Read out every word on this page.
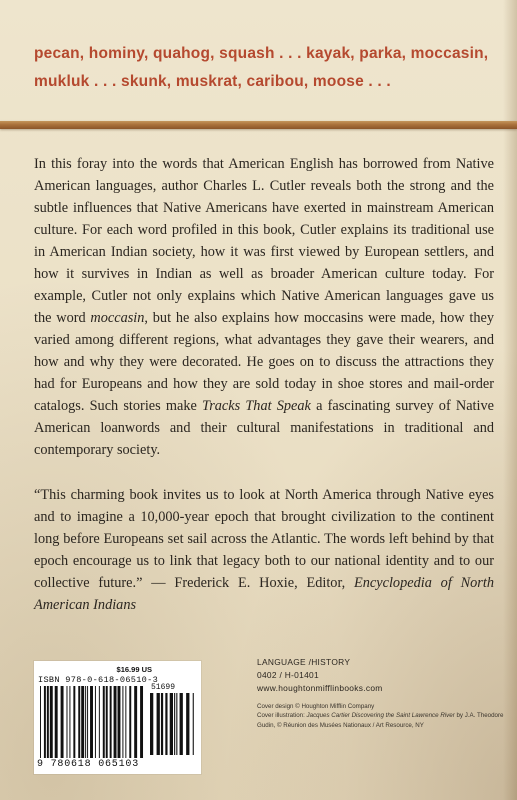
pecan, hominy, quahog, squash . . . kayak, parka, moccasin,
mukluk . . . skunk, muskrat, caribou, moose . . .

In this foray into the words that American English has borrowed from Native American languages, author Charles L. Cutler reveals both the strong and the subtle influences that Native Americans have exerted in mainstream American culture. For each word profiled in this book, Cutler explains its traditional use in American Indian society, how it was first viewed by European settlers, and how it survives in Indian as well as broader American culture today. For example, Cutler not only explains which Native American languages gave us the word moccasin, but he also explains how moccasins were made, how they varied among different regions, what advantages they gave their wearers, and how and why they were decorated. He goes on to discuss the attractions they had for Europeans and how they are sold today in shoe stores and mail-order catalogs. Such stories make Tracks That Speak a fascinating survey of Native American loanwords and their cultural manifestations in traditional and contemporary society.

“This charming book invites us to look at North America through Native eyes and to imagine a 10,000-year epoch that brought civilization to the continent long before Europeans set sail across the Atlantic. The words left behind by that epoch encourage us to link that legacy both to our national identity and to our collective future.” — Frederick E. Hoxie, Editor, Encyclopedia of North American Indians

$16.99 US
ISBN 978-0-618-06510-3
51699
9 780618 065103
LANGUAGE /HISTORY
0402 / H-01401
www.houghtonmifflinbooks.com
Cover design © Houghton Mifflin Company
Cover illustration: Jacques Cartier Discovering the Saint Lawrence River by J.A. Theodore Gudin, © Réunion des Musées Nationaux / Art Resource, NY
